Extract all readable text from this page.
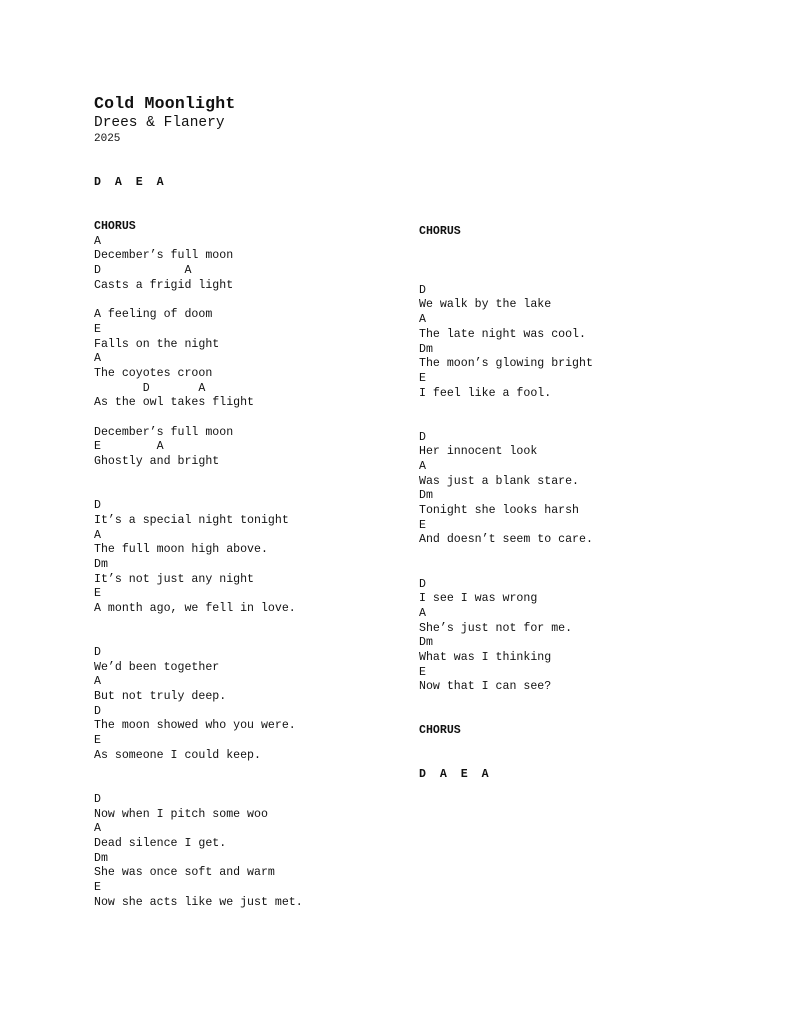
Cold Moonlight
Drees & Flanery
2025
D  A  E  A
CHORUS
A
December’s full moon
D            A
Casts a frigid light
A feeling of doom
E
Falls on the night
A
The coyotes croon
D       A
As the owl takes flight
December’s full moon
E        A
Ghostly and bright
D
It’s a special night tonight
A
The full moon high above.
Dm
It’s not just any night
E
A month ago, we fell in love.
D
We’d been together
A
But not truly deep.
D
The moon showed who you were.
E
As someone I could keep.
D
Now when I pitch some woo
A
Dead silence I get.
Dm
She was once soft and warm
E
Now she acts like we just met.
CHORUS
D
We walk by the lake
A
The late night was cool.
Dm
The moon’s glowing bright
E
I feel like a fool.
D
Her innocent look
A
Was just a blank stare.
Dm
Tonight she looks harsh
E
And doesn’t seem to care.
D
I see I was wrong
A
She’s just not for me.
Dm
What was I thinking
E
Now that I can see?
CHORUS
D  A  E  A
